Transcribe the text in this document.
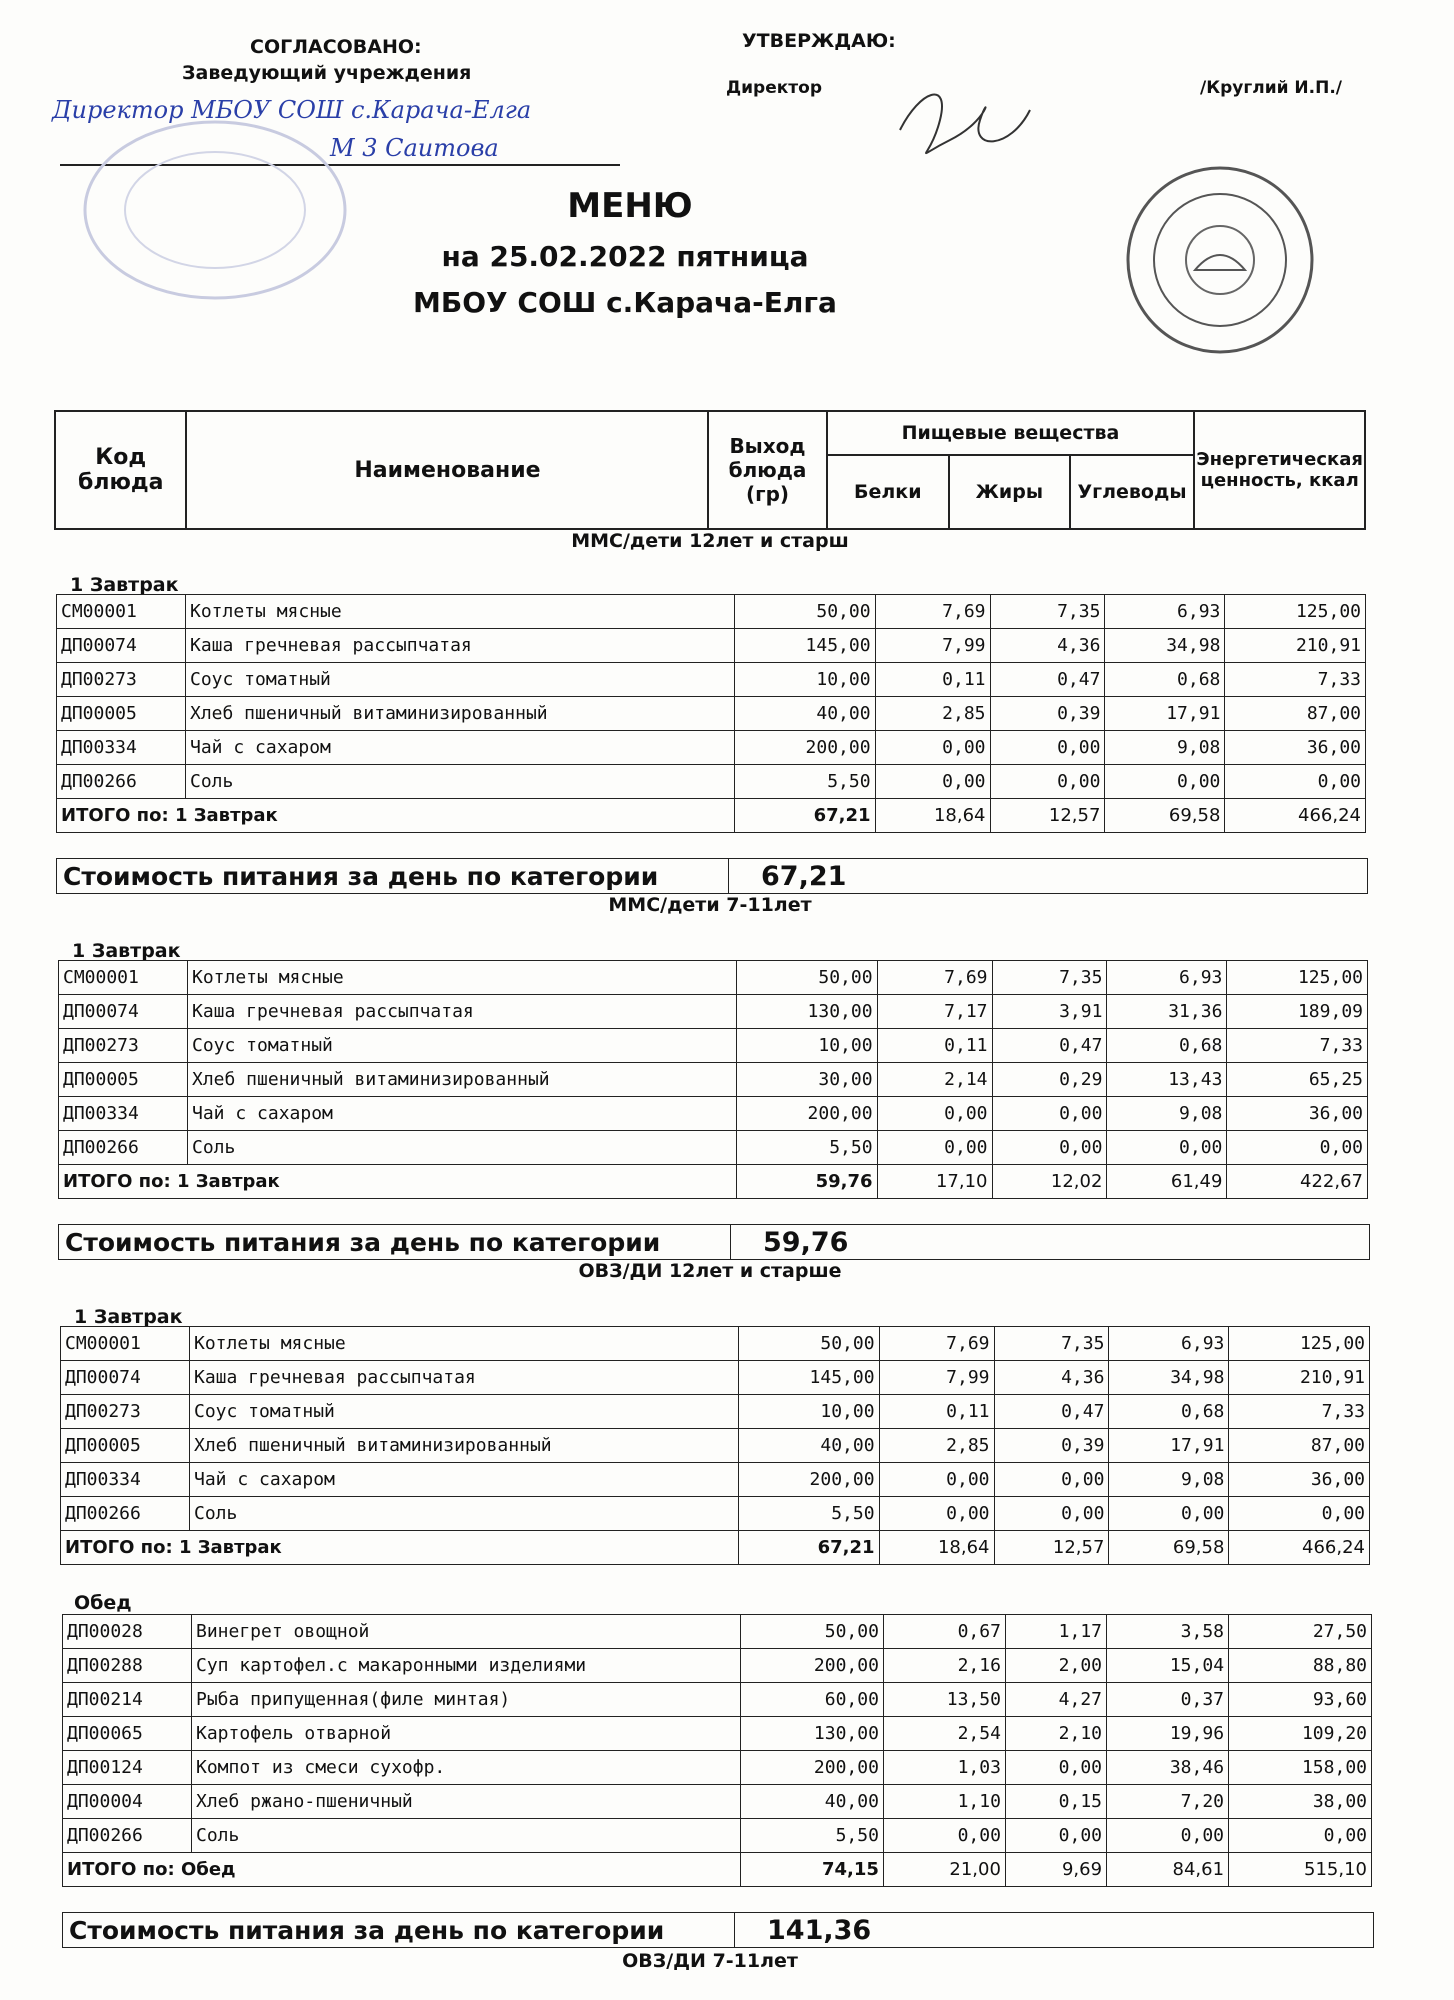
СОГЛАСОВАНО:
Заведующий учреждения
Директор МБОУ СОШ с.Карача-Елга
М 3 Саитова
УТВЕРЖДАЮ:
Директор	/Круглий И.П./
МЕНЮ
на 25.02.2022 пятница
МБОУ СОШ с.Карача-Елга
Код блюда	Наименование	Выход блюда (гр)	Пищевые вещества			Энергетическая ценность, ккал
			Белки	Жиры	Углеводы	
ММС/дети 12лет и старш
1 Завтрак
СМ00001	Котлеты мясные	50,00	7,69	7,35	6,93	125,00
ДП00074	Каша гречневая рассыпчатая	145,00	7,99	4,36	34,98	210,91
ДП00273	Соус томатный	10,00	0,11	0,47	0,68	7,33
ДП00005	Хлеб пшеничный витаминизированный	40,00	2,85	0,39	17,91	87,00
ДП00334	Чай с сахаром	200,00	0,00	0,00	9,08	36,00
ДП00266	Соль	5,50	0,00	0,00	0,00	0,00
ИТОГО по: 1 Завтрак		67,21	18,64	12,57	69,58	466,24
Стоимость питания за день по категории	67,21
ММС/дети 7-11лет
1 Завтрак
СМ00001	Котлеты мясные	50,00	7,69	7,35	6,93	125,00
ДП00074	Каша гречневая рассыпчатая	130,00	7,17	3,91	31,36	189,09
ДП00273	Соус томатный	10,00	0,11	0,47	0,68	7,33
ДП00005	Хлеб пшеничный витаминизированный	30,00	2,14	0,29	13,43	65,25
ДП00334	Чай с сахаром	200,00	0,00	0,00	9,08	36,00
ДП00266	Соль	5,50	0,00	0,00	0,00	0,00
ИТОГО по: 1 Завтрак		59,76	17,10	12,02	61,49	422,67
Стоимость питания за день по категории	59,76
ОВЗ/ДИ 12лет и старше
1 Завтрак
СМ00001	Котлеты мясные	50,00	7,69	7,35	6,93	125,00
ДП00074	Каша гречневая рассыпчатая	145,00	7,99	4,36	34,98	210,91
ДП00273	Соус томатный	10,00	0,11	0,47	0,68	7,33
ДП00005	Хлеб пшеничный витаминизированный	40,00	2,85	0,39	17,91	87,00
ДП00334	Чай с сахаром	200,00	0,00	0,00	9,08	36,00
ДП00266	Соль	5,50	0,00	0,00	0,00	0,00
ИТОГО по: 1 Завтрак		67,21	18,64	12,57	69,58	466,24
Обед
ДП00028	Винегрет овощной	50,00	0,67	1,17	3,58	27,50
ДП00288	Суп картофел.с макаронными изделиями	200,00	2,16	2,00	15,04	88,80
ДП00214	Рыба припущенная(филе минтая)	60,00	13,50	4,27	0,37	93,60
ДП00065	Картофель отварной	130,00	2,54	2,10	19,96	109,20
ДП00124	Компот из смеси сухофр.	200,00	1,03	0,00	38,46	158,00
ДП00004	Хлеб ржано-пшеничный	40,00	1,10	0,15	7,20	38,00
ДП00266	Соль	5,50	0,00	0,00	0,00	0,00
ИТОГО по: Обед		74,15	21,00	9,69	84,61	515,10
Стоимость питания за день по категории	141,36
ОВЗ/ДИ 7-11лет
